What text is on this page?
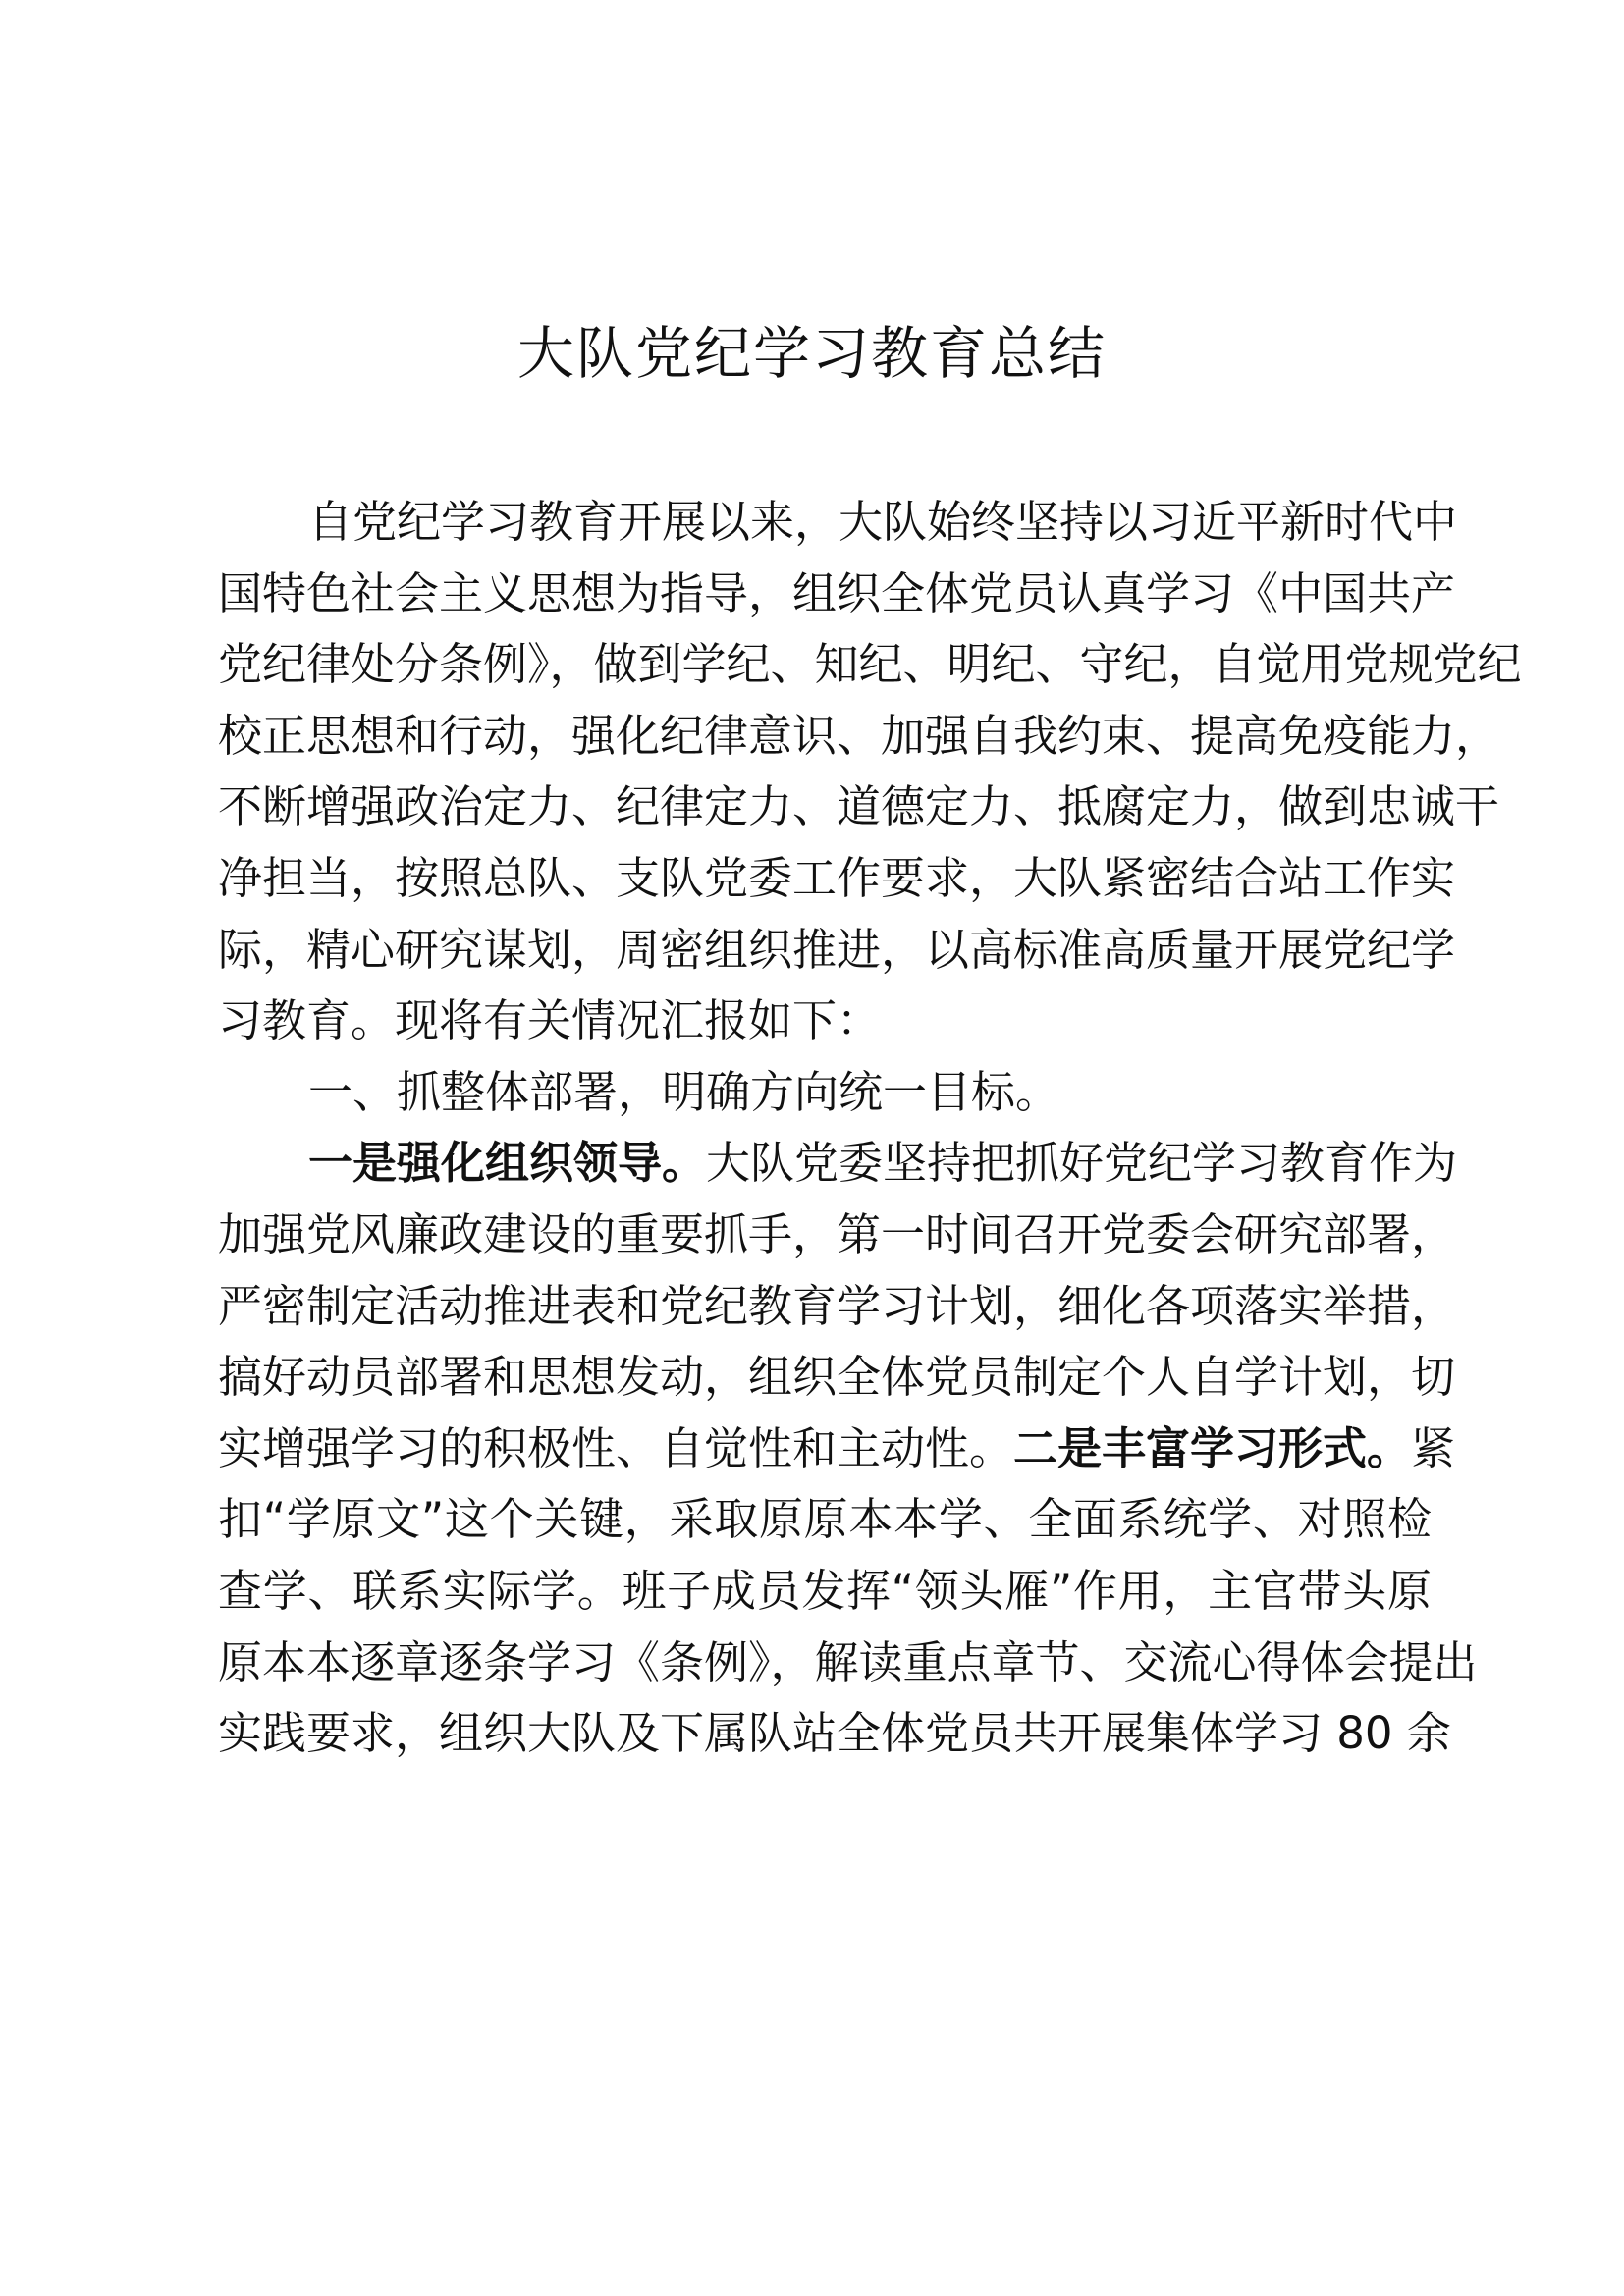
大队党纪学习教育总结
自党纪学习教育开展以来，大队始终坚持以习近平新时代中
国特色社会主义思想为指导，组织全体党员认真学习《中国共产
党纪律处分条例》，做到学纪、知纪、明纪、守纪，自觉用党规党纪
校正思想和行动，强化纪律意识、加强自我约束、提高免疫能力，
不断增强政治定力、纪律定力、道德定力、抵腐定力，做到忠诚干
净担当，按照总队、支队党委工作要求，大队紧密结合站工作实
际，精心研究谋划，周密组织推进，以高标准高质量开展党纪学
习教育。现将有关情况汇报如下：
一、抓整体部署，明确方向统一目标。
一是强化组织领导。大队党委坚持把抓好党纪学习教育作为
加强党风廉政建设的重要抓手，第一时间召开党委会研究部署，
严密制定活动推进表和党纪教育学习计划，细化各项落实举措，
搞好动员部署和思想发动，组织全体党员制定个人自学计划，切
实增强学习的积极性、自觉性和主动性。二是丰富学习形式。紧
扣“学原文”这个关键，采取原原本本学、全面系统学、对照检
查学、联系实际学。班子成员发挥“领头雁”作用，主官带头原
原本本逐章逐条学习《条例》，解读重点章节、交流心得体会提出
实践要求，组织大队及下属队站全体党员共开展集体学习 80 余
